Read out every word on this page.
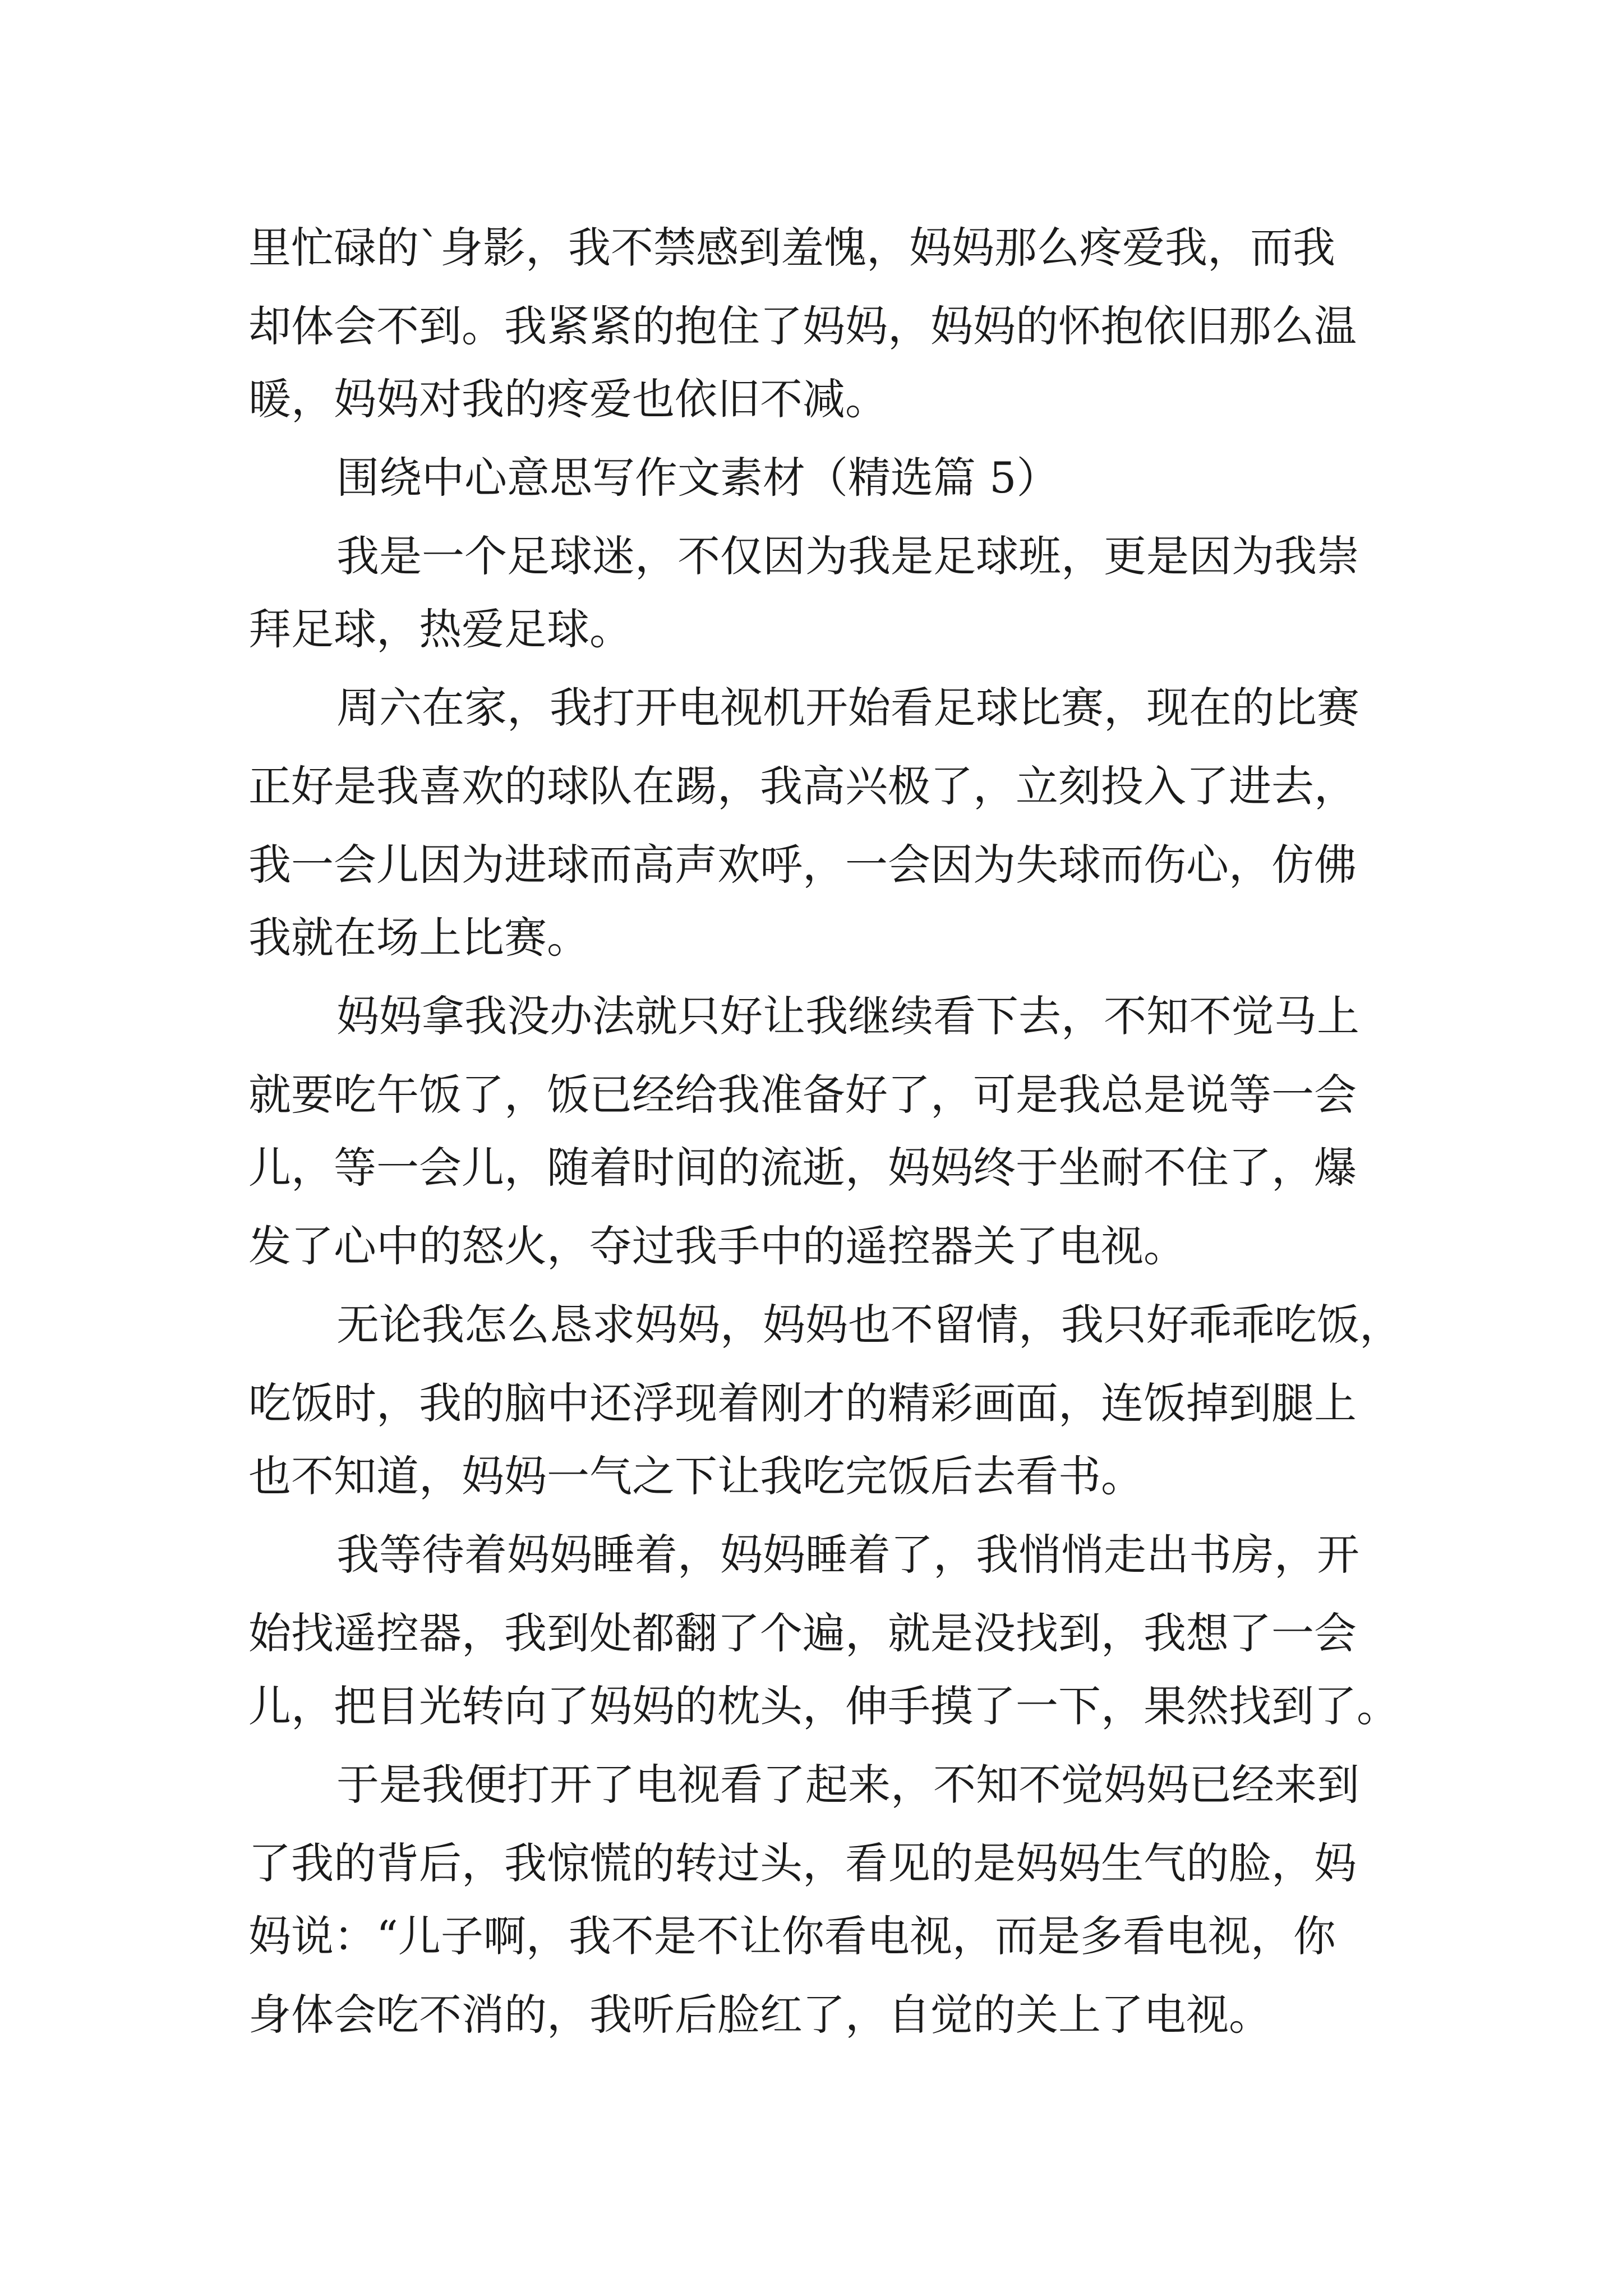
里忙碌的`身影，我不禁感到羞愧，妈妈那么疼爱我，而我
却体会不到。我紧紧的抱住了妈妈，妈妈的怀抱依旧那么温
暖，妈妈对我的疼爱也依旧不减。
围绕中心意思写作文素材（精选篇 5）
我是一个足球迷，不仅因为我是足球班，更是因为我崇
拜足球，热爱足球。
周六在家，我打开电视机开始看足球比赛，现在的比赛
正好是我喜欢的球队在踢，我高兴极了，立刻投入了进去，
我一会儿因为进球而高声欢呼，一会因为失球而伤心，仿佛
我就在场上比赛。
妈妈拿我没办法就只好让我继续看下去，不知不觉马上
就要吃午饭了，饭已经给我准备好了，可是我总是说等一会
儿，等一会儿，随着时间的流逝，妈妈终于坐耐不住了，爆
发了心中的怒火，夺过我手中的遥控器关了电视。
无论我怎么恳求妈妈，妈妈也不留情，我只好乖乖吃饭，
吃饭时，我的脑中还浮现着刚才的精彩画面，连饭掉到腿上
也不知道，妈妈一气之下让我吃完饭后去看书。
我等待着妈妈睡着，妈妈睡着了，我悄悄走出书房，开
始找遥控器，我到处都翻了个遍，就是没找到，我想了一会
儿，把目光转向了妈妈的枕头，伸手摸了一下，果然找到了。
于是我便打开了电视看了起来，不知不觉妈妈已经来到
了我的背后，我惊慌的转过头，看见的是妈妈生气的脸，妈
妈说：“儿子啊，我不是不让你看电视，而是多看电视，你
身体会吃不消的，我听后脸红了，自觉的关上了电视。
